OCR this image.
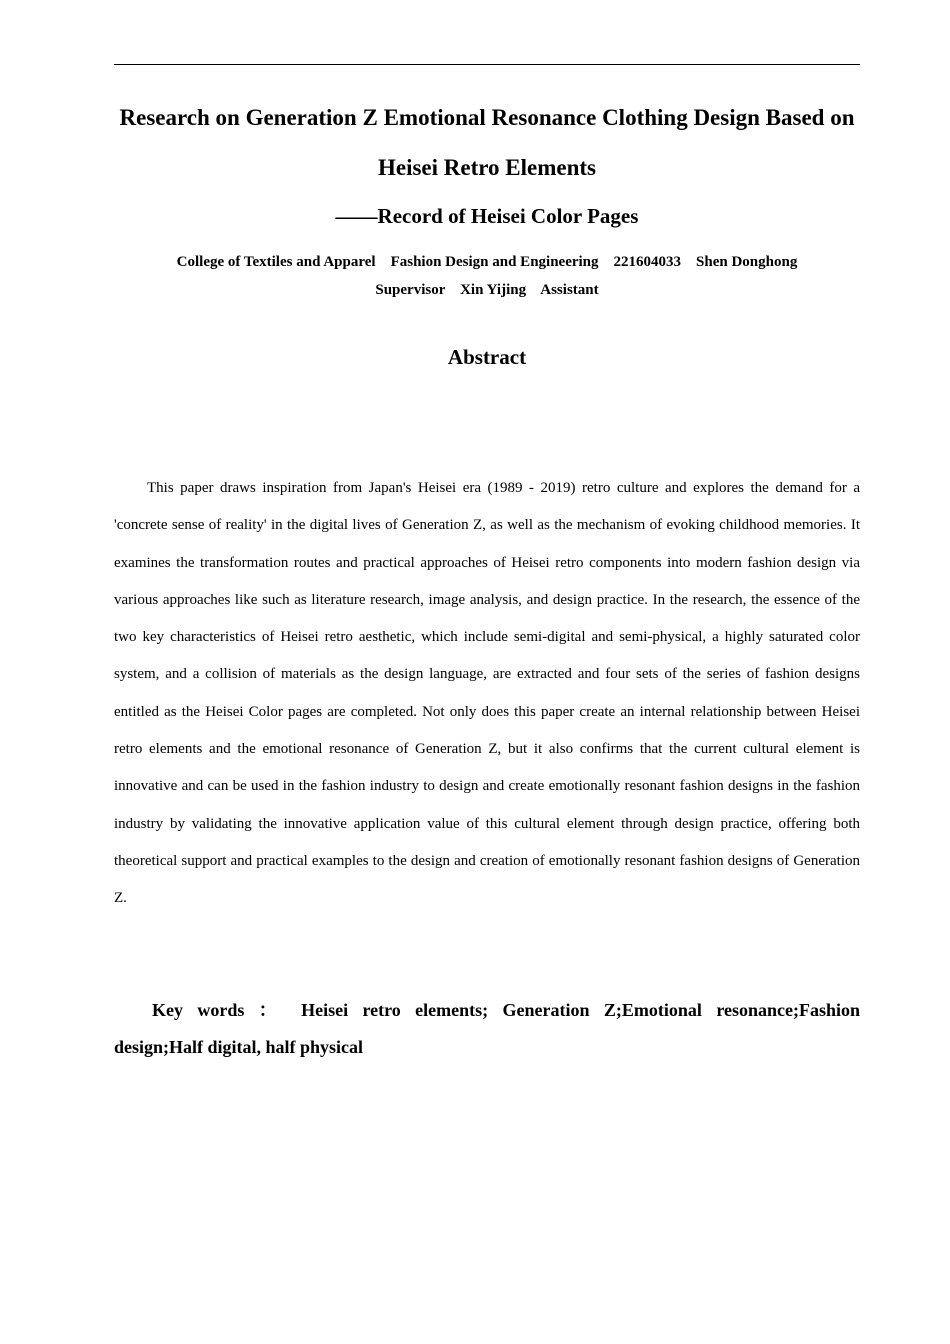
Research on Generation Z Emotional Resonance Clothing Design Based on Heisei Retro Elements
——Record of Heisei Color Pages
College of Textiles and Apparel Fashion Design and Engineering 221604033 Shen Donghong
Supervisor Xin Yijing Assistant
Abstract

This paper draws inspiration from Japan's Heisei era (1989 - 2019) retro culture and explores the demand for a 'concrete sense of reality' in the digital lives of Generation Z, as well as the mechanism of evoking childhood memories. It examines the transformation routes and practical approaches of Heisei retro components into modern fashion design via various approaches like such as literature research, image analysis, and design practice. In the research, the essence of the two key characteristics of Heisei retro aesthetic, which include semi-digital and semi-physical, a highly saturated color system, and a collision of materials as the design language, are extracted and four sets of the series of fashion designs entitled as the Heisei Color pages are completed. Not only does this paper create an internal relationship between Heisei retro elements and the emotional resonance of Generation Z, but it also confirms that the current cultural element is innovative and can be used in the fashion industry to design and create emotionally resonant fashion designs in the fashion industry by validating the innovative application value of this cultural element through design practice, offering both theoretical support and practical examples to the design and creation of emotionally resonant fashion designs of Generation Z.

Key words ： Heisei retro elements; Generation Z;Emotional resonance;Fashion design;Half digital, half physical
